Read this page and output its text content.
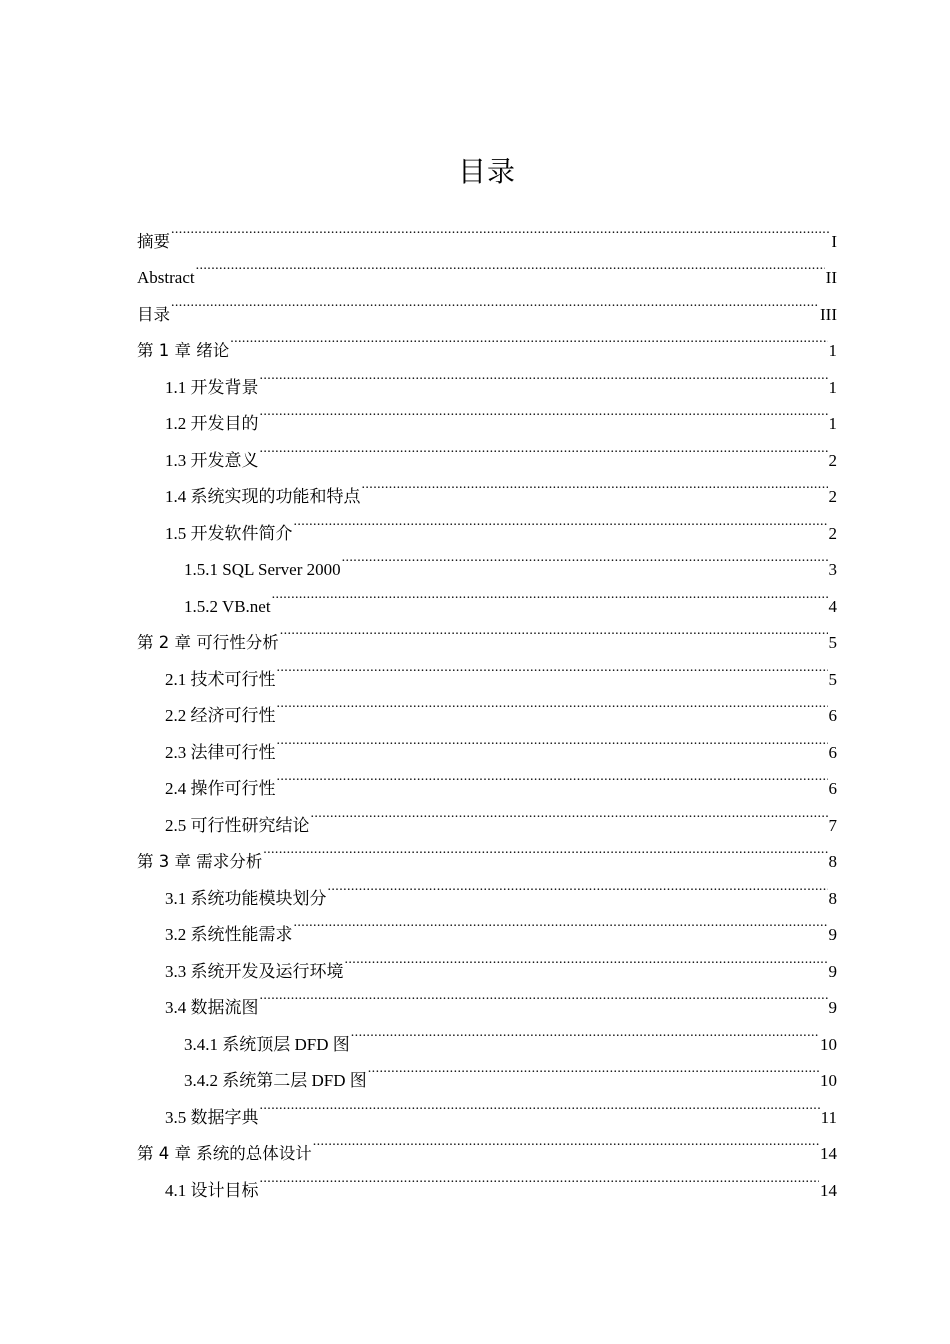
目录
摘要 .....	I
Abstract .....	II
目录 .....	III
第 1 章 绪论 .....	1
1.1 开发背景 .....	1
1.2 开发目的 .....	1
1.3 开发意义 .....	2
1.4 系统实现的功能和特点 .....	2
1.5 开发软件简介 .....	2
1.5.1 SQL Server 2000 .....	3
1.5.2 VB.net .....	4
第 2 章 可行性分析 .....	5
2.1 技术可行性 .....	5
2.2 经济可行性 .....	6
2.3 法律可行性 .....	6
2.4 操作可行性 .....	6
2.5 可行性研究结论 .....	7
第 3 章 需求分析 .....	8
3.1 系统功能模块划分 .....	8
3.2 系统性能需求 .....	9
3.3 系统开发及运行环境 .....	9
3.4 数据流图 .....	9
3.4.1 系统顶层 DFD 图 .....	10
3.4.2 系统第二层 DFD 图 .....	10
3.5 数据字典 .....	11
第 4 章 系统的总体设计 .....	14
4.1 设计目标 .....	14
